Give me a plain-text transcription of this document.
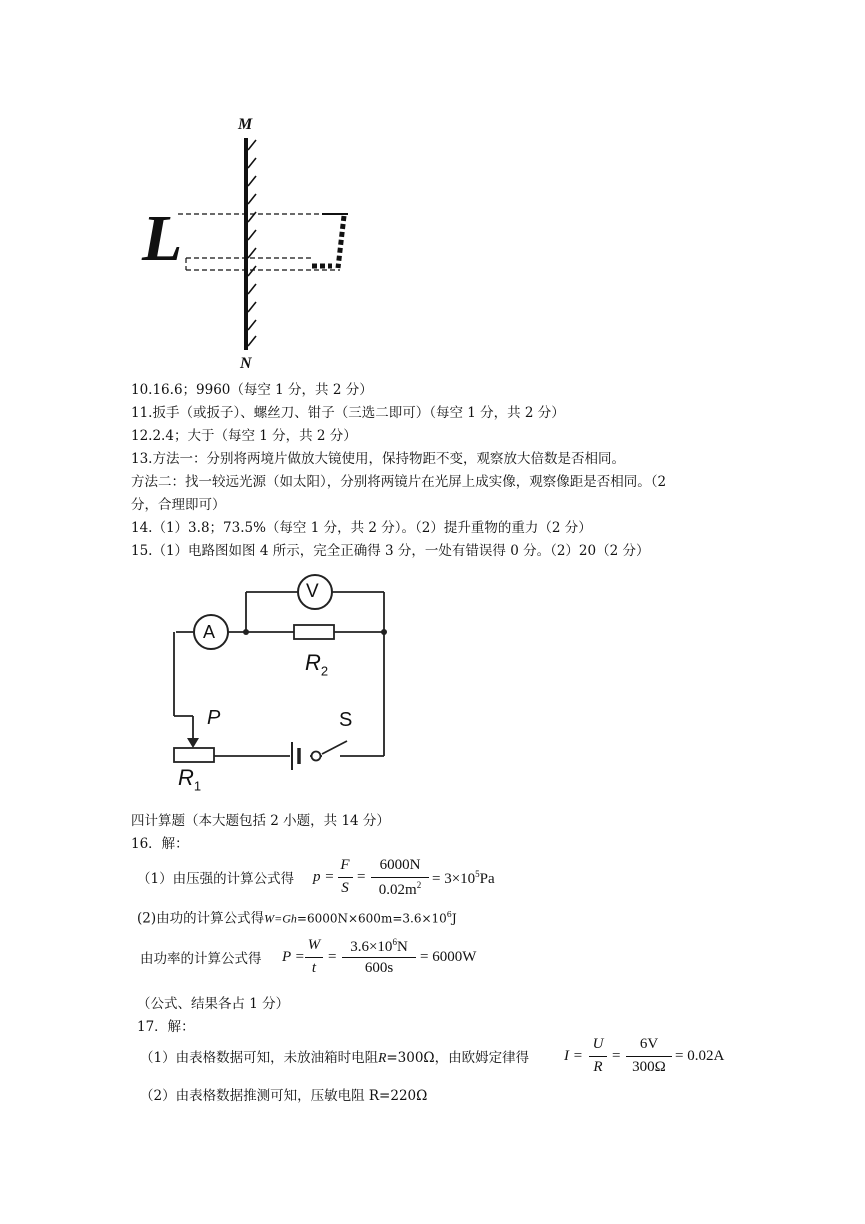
M
N
L
10.16.6；9960（每空 1 分，共 2 分）
11.扳手（或扳子）、螺丝刀、钳子（三选二即可）（每空 1 分，共 2 分）
12.2.4；大于（每空 1 分，共 2 分）
13.方法一：分别将两境片做放大镜使用，保持物距不变，观察放大倍数是否相同。
方法二：找一较远光源（如太阳），分别将两镜片在光屏上成实像，观察像距是否相同。（2
分，合理即可）
14.（1）3.8；73.5%（每空 1 分，共 2 分）。（2）提升重物的重力（2 分）
15.（1）电路图如图 4 所示，完全正确得 3 分，一处有错误得 0 分。（2）20（2 分）
V
A
$R_2$
$R_1$
P	S
四计算题（本大题包括 2 小题，共 14 分）
16．解：
（1）由压强的计算公式得 p =
F
S
=
6000N
$0.02m^2 = 3\times 10^5Pa$
(2)由功的计算公式得$W=Gh=6000N\times 600m=3.6\times 10^6J$
由功率的计算公式得 P =
W
t
=
$3.6\times 10^6N$
600s
= 6000W
（公式、结果各占 1 分）
17．解：
（1）由表格数据可知，未放油箱时电阻R=300Ω，由欧姆定律得 I =
U
R
=
6V
300Ω
= 0.02A
（2）由表格数据推测可知，压敏电阻 R=220Ω
